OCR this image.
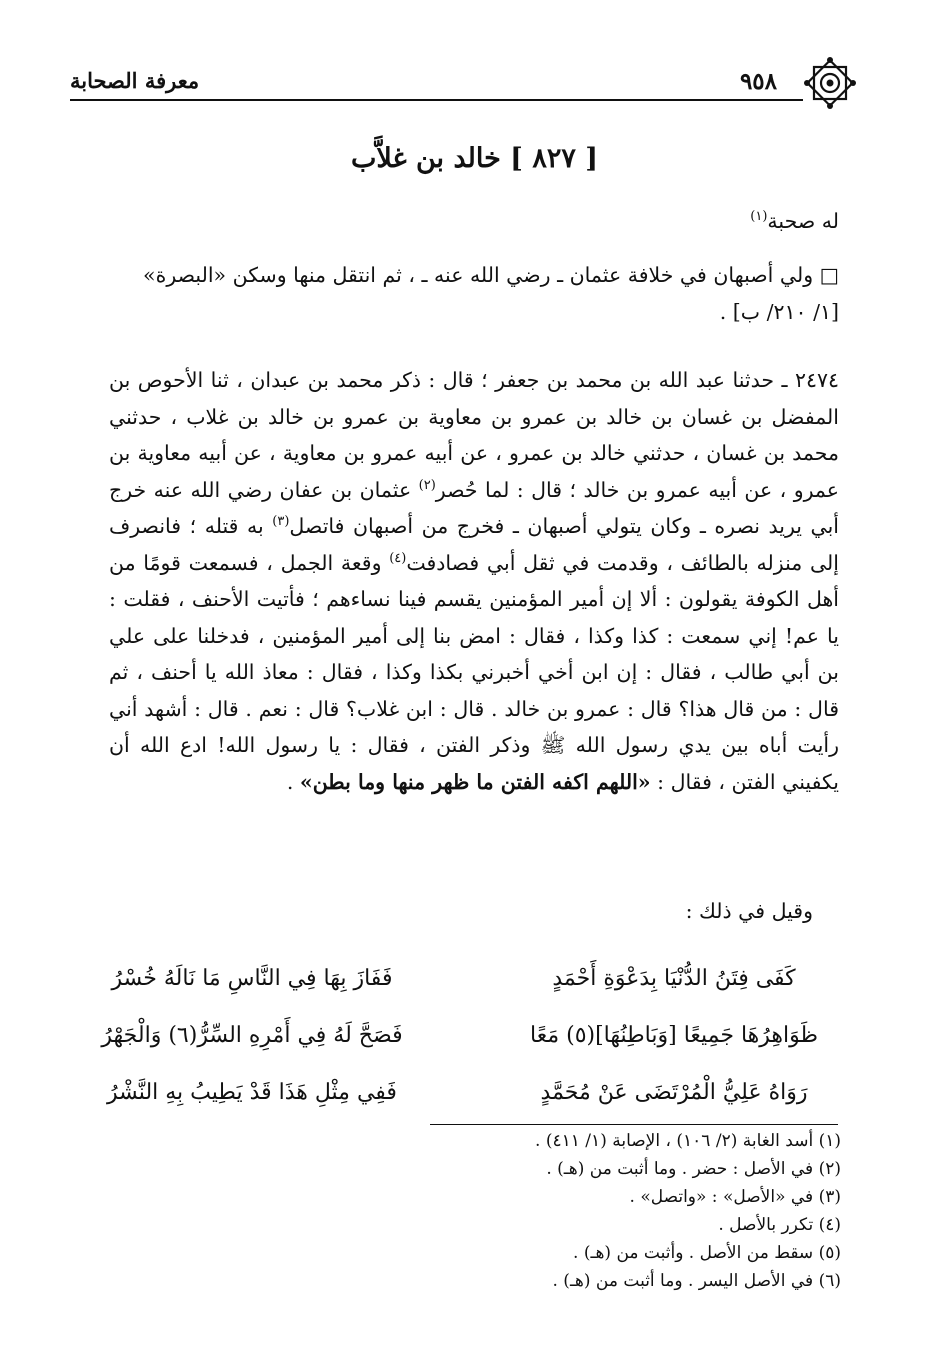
٩٥٨
معرفة الصحابة
[ ٨٢٧ ] خالد بن غلاَّب
له صحبة$^{(١)}$
□ ولي أصبهان في خلافة عثمان ـ رضي الله عنه ـ ، ثم انتقل منها وسكن «البصرة»
[١/ ٢١٠/ ب] .
٢٤٧٤ ـ حدثنا عبد الله بن محمد بن جعفر ؛ قال : ذكر محمد بن عبدان ، ثنا الأحوص بن المفضل بن غسان بن خالد بن عمرو بن معاوية بن عمرو بن خالد بن غلاب ، حدثني محمد بن غسان ، حدثني خالد بن عمرو ، عن أبيه عمرو بن معاوية ، عن أبيه معاوية بن عمرو ، عن أبيه عمرو بن خالد ؛ قال : لما حُصر$^{(٢)}$ عثمان بن عفان رضي الله عنه خرج أبي يريد نصره ـ وكان يتولي أصبهان ـ فخرج من أصبهان فاتصل$^{(٣)}$ به قتله ؛ فانصرف إلى منزله بالطائف ، وقدمت في ثقل أبي فصادفت$^{(٤)}$ وقعة الجمل ، فسمعت قومًا من أهل الكوفة يقولون : ألا إن أمير المؤمنين يقسم فينا نساءهم ؛ فأتيت الأحنف ، فقلت : يا عم! إني سمعت : كذا وكذا ، فقال : امض بنا إلى أمير المؤمنين ، فدخلنا على علي بن أبي طالب ، فقال : إن ابن أخي أخبرني بكذا وكذا ، فقال : معاذ الله يا أحنف ، ثم قال : من قال هذا؟ قال : عمرو بن خالد . قال : ابن غلاب؟ قال : نعم . قال : أشهد أني رأيت أباه بين يدي رسول الله ﷺ وذكر الفتن ، فقال : يا رسول الله! ادع الله أن يكفيني الفتن ، فقال : «اللهم اكفه الفتن ما ظهر منها وما بطن» .
وقيل في ذلك :
كَفَى فِتَنُ الدُّنْيَا بِدَعْوَةِ أَحْمَدٍ
فَفَازَ بِهَا فِي النَّاسِ مَا نَالَهُ خُسْرُ
ظَوَاهِرُهَا جَمِيعًا [وَبَاطِنُهَا](٥) مَعًا
فَصَحَّ لَهُ فِي أَمْرِهِ السِّرُّ(٦) وَالْجَهْرُ
رَوَاهُ عَلِيُّ الْمُرْتَضَى عَنْ مُحَمَّدٍ
فَفِي مِثْلِ هَذَا قَدْ يَطِيبُ بِهِ النَّشْرُ
(١) أسد الغابة (٢/ ١٠٦) ، الإصابة (١/ ٤١١) .
(٢) في الأصل : حضر . وما أثبت من (هـ) .
(٣) في «الأصل» : «واتصل» .
(٤) تكرر بالأصل .
(٥) سقط من الأصل . وأثبت من (هـ) .
(٦) في الأصل اليسر . وما أثبت من (هـ) .
